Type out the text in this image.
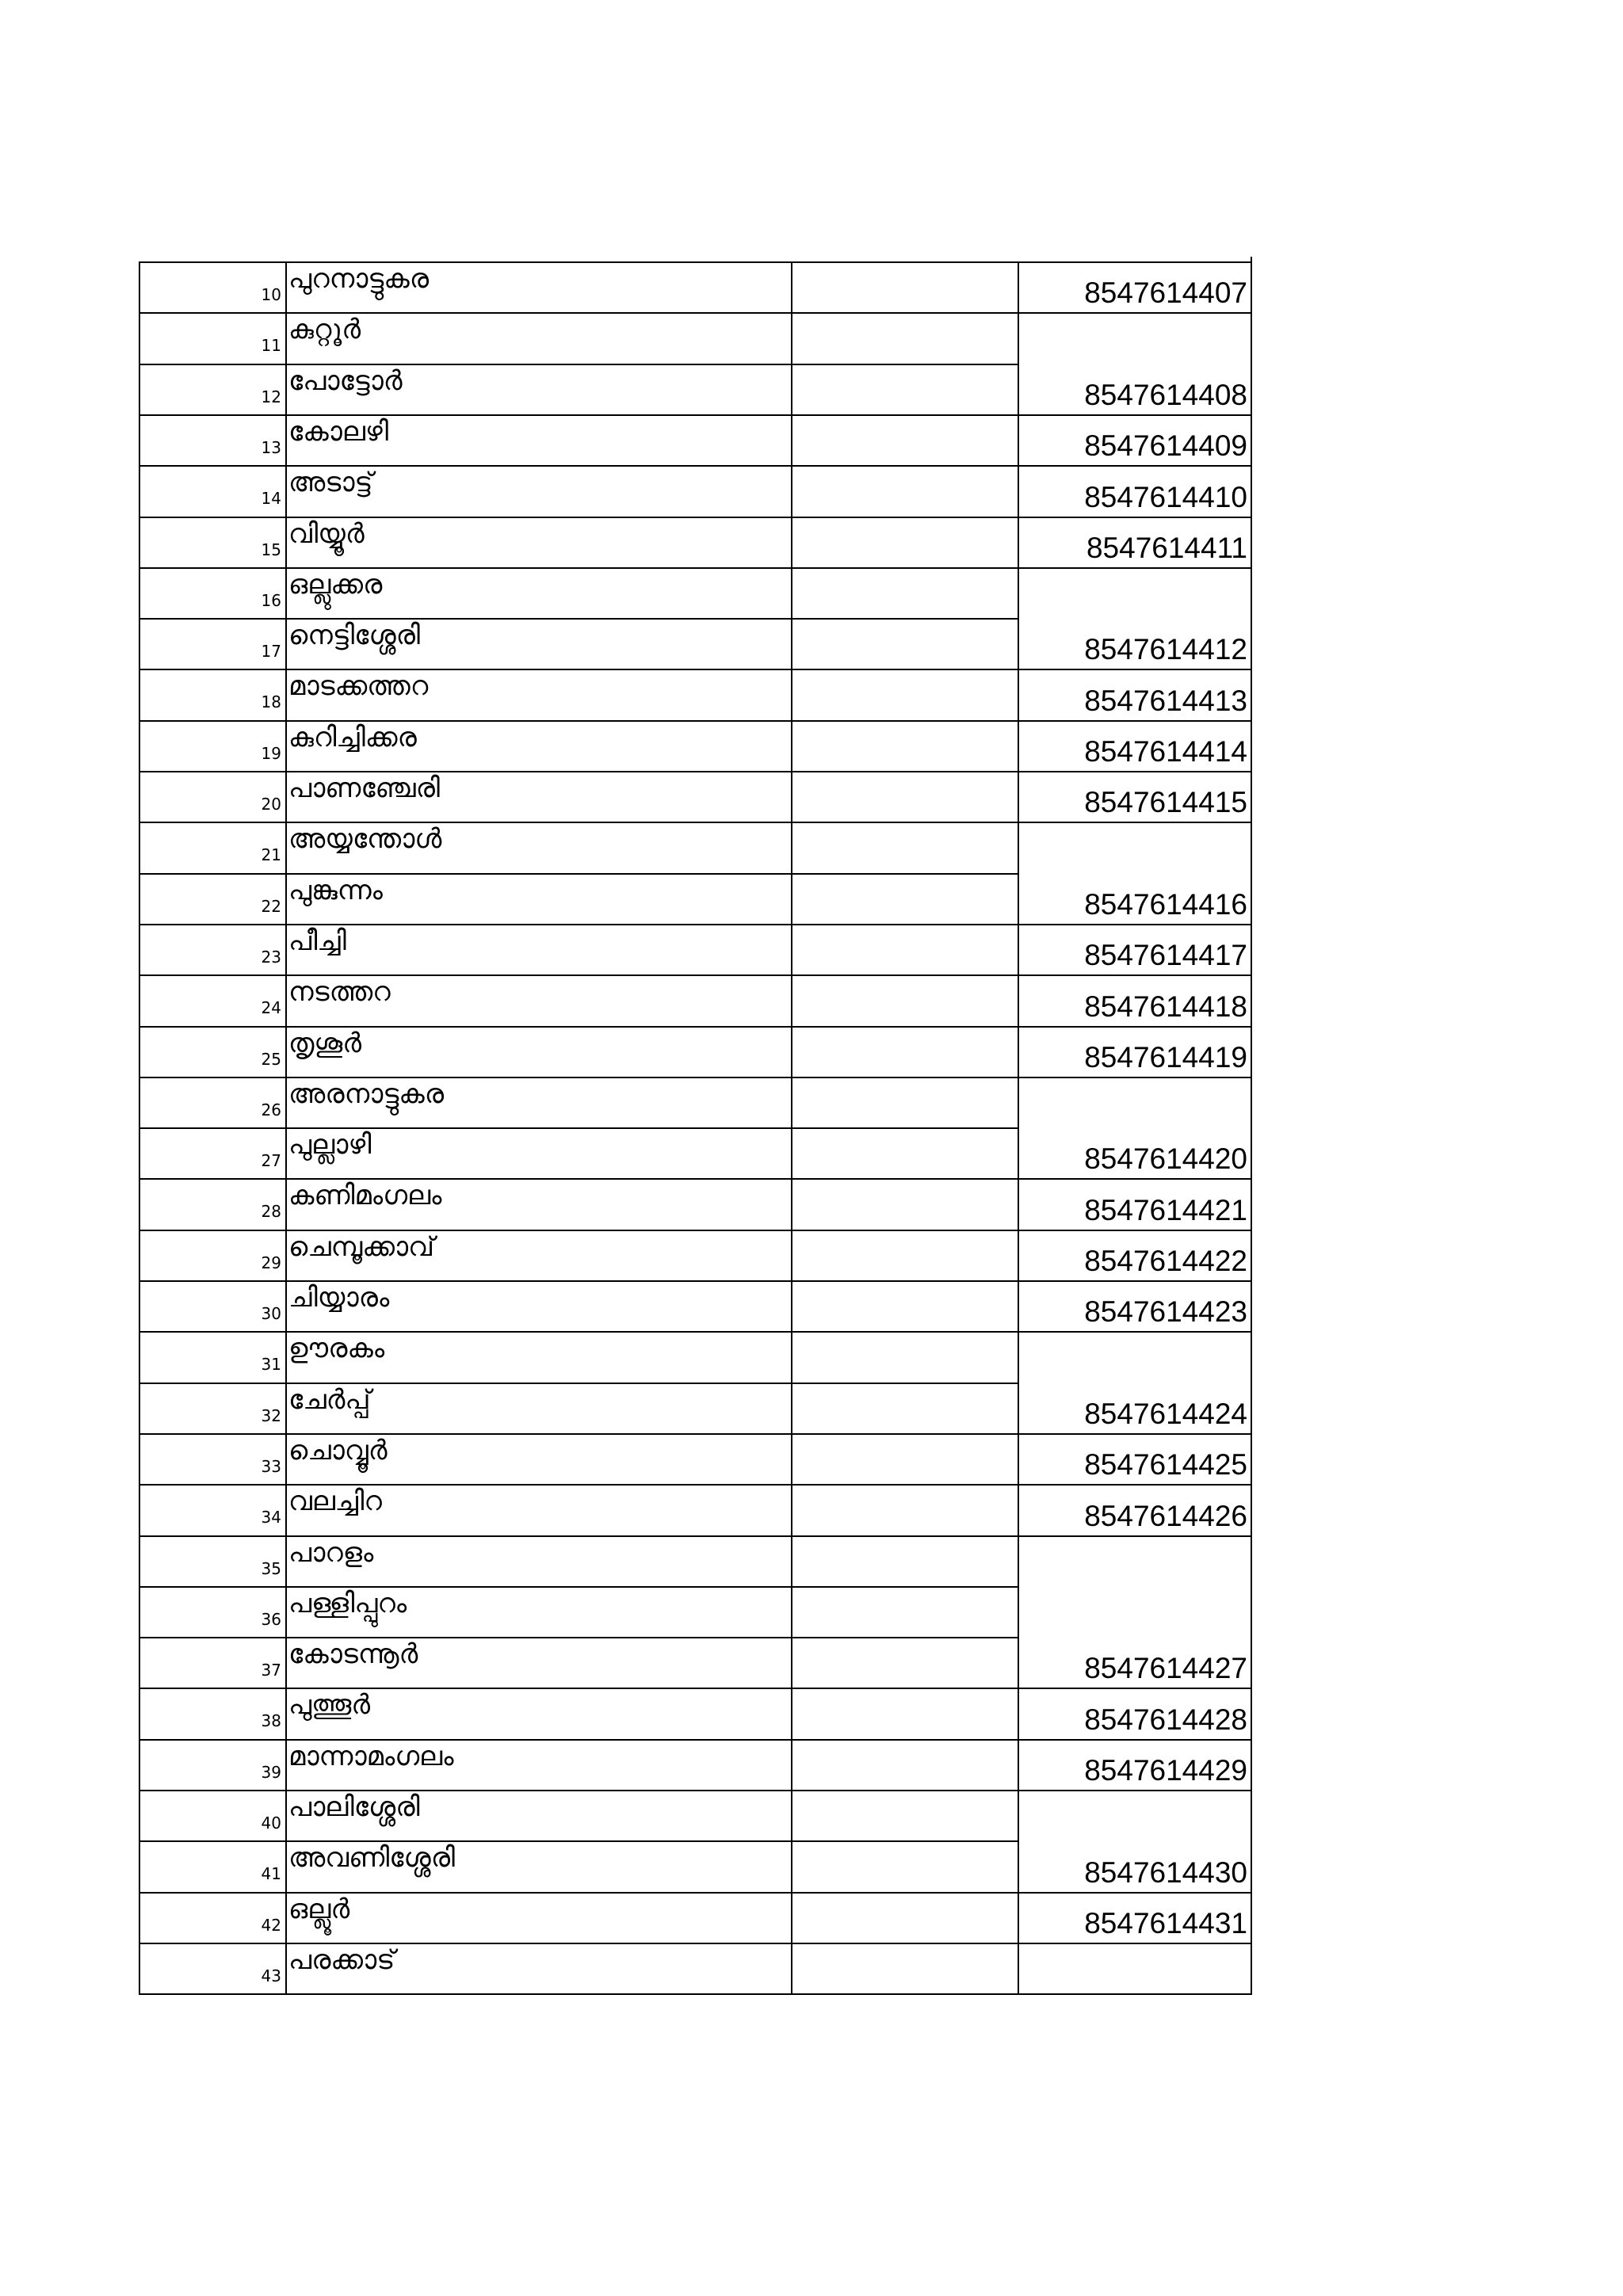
10 പുറനാട്ടുകര
11 കുറ്റൂർ
12 പോട്ടോർ
13 കോലഴി
14 അടാട്ട്
15 വിയ്യൂർ
16 ഒല്ലുക്കര
17 നെട്ടിശ്ശേരി
18 മാടക്കത്തറ
19 കുറിച്ചിക്കര
20 പാണഞ്ചേരി
21 അയ്യന്തോൾ
22 പുങ്കുന്നം
23 പീച്ചി
24 നടത്തറ
25 തൃശൂർ
26 അരനാട്ടുകര
27 പുല്ലാഴി
28 കണിമംഗലം
29 ചെമ്പൂക്കാവ്
30 ചിയ്യാരം
31 ഊരകം
32 ചേർപ്പ്
33 ചൊവ്വൂർ
34 വലച്ചിറ
35 പാറളം
36 പള്ളിപ്പുറം
37 കോടന്നൂർ
38 പുത്തൂർ
39 മാന്നാമംഗലം
40 പാലിശ്ശേരി
41 അവണിശ്ശേരി
42 ഒല്ലൂർ
43 പരക്കാട്
8547614407
8547614408
8547614409
8547614410
8547614411
8547614412
8547614413
8547614414
8547614415
8547614416
8547614417
8547614418
8547614419
8547614420
8547614421
8547614422
8547614423
8547614424
8547614425
8547614426
8547614427
8547614428
8547614429
8547614430
8547614431
